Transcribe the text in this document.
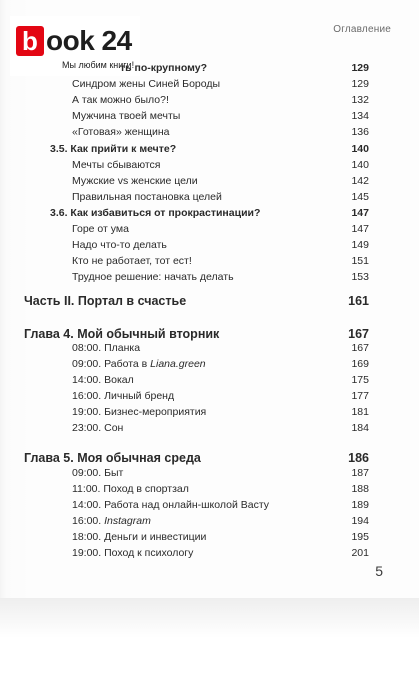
Оглавление
b ook 24
Мы любим книги!
ть по-крупному?	129
Синдром жены Синей Бороды	129
А так можно было?!	132
Мужчина твоей мечты	134
«Готовая» женщина	136
3.5. Как прийти к мечте?	140
Мечты сбываются	140
Мужские vs женские цели	142
Правильная постановка целей	145
3.6. Как избавиться от прокрастинации?	147
Горе от ума	147
Надо что-то делать	149
Кто не работает, тот ест!	151
Трудное решение: начать делать	153
Часть II. Портал в счастье	161
Глава 4. Мой обычный вторник	167
08:00. Планка	167
09:00. Работа в Liana.green	169
14:00. Вокал	175
16:00. Личный бренд	177
19:00. Бизнес-мероприятия	181
23:00. Сон	184
Глава 5. Моя обычная среда	186
09:00. Быт	187
11:00. Поход в спортзал	188
14:00. Работа над онлайн-школой Васту	189
16:00. Instagram	194
18:00. Деньги и инвестиции	195
19:00. Поход к психологу	201
5
